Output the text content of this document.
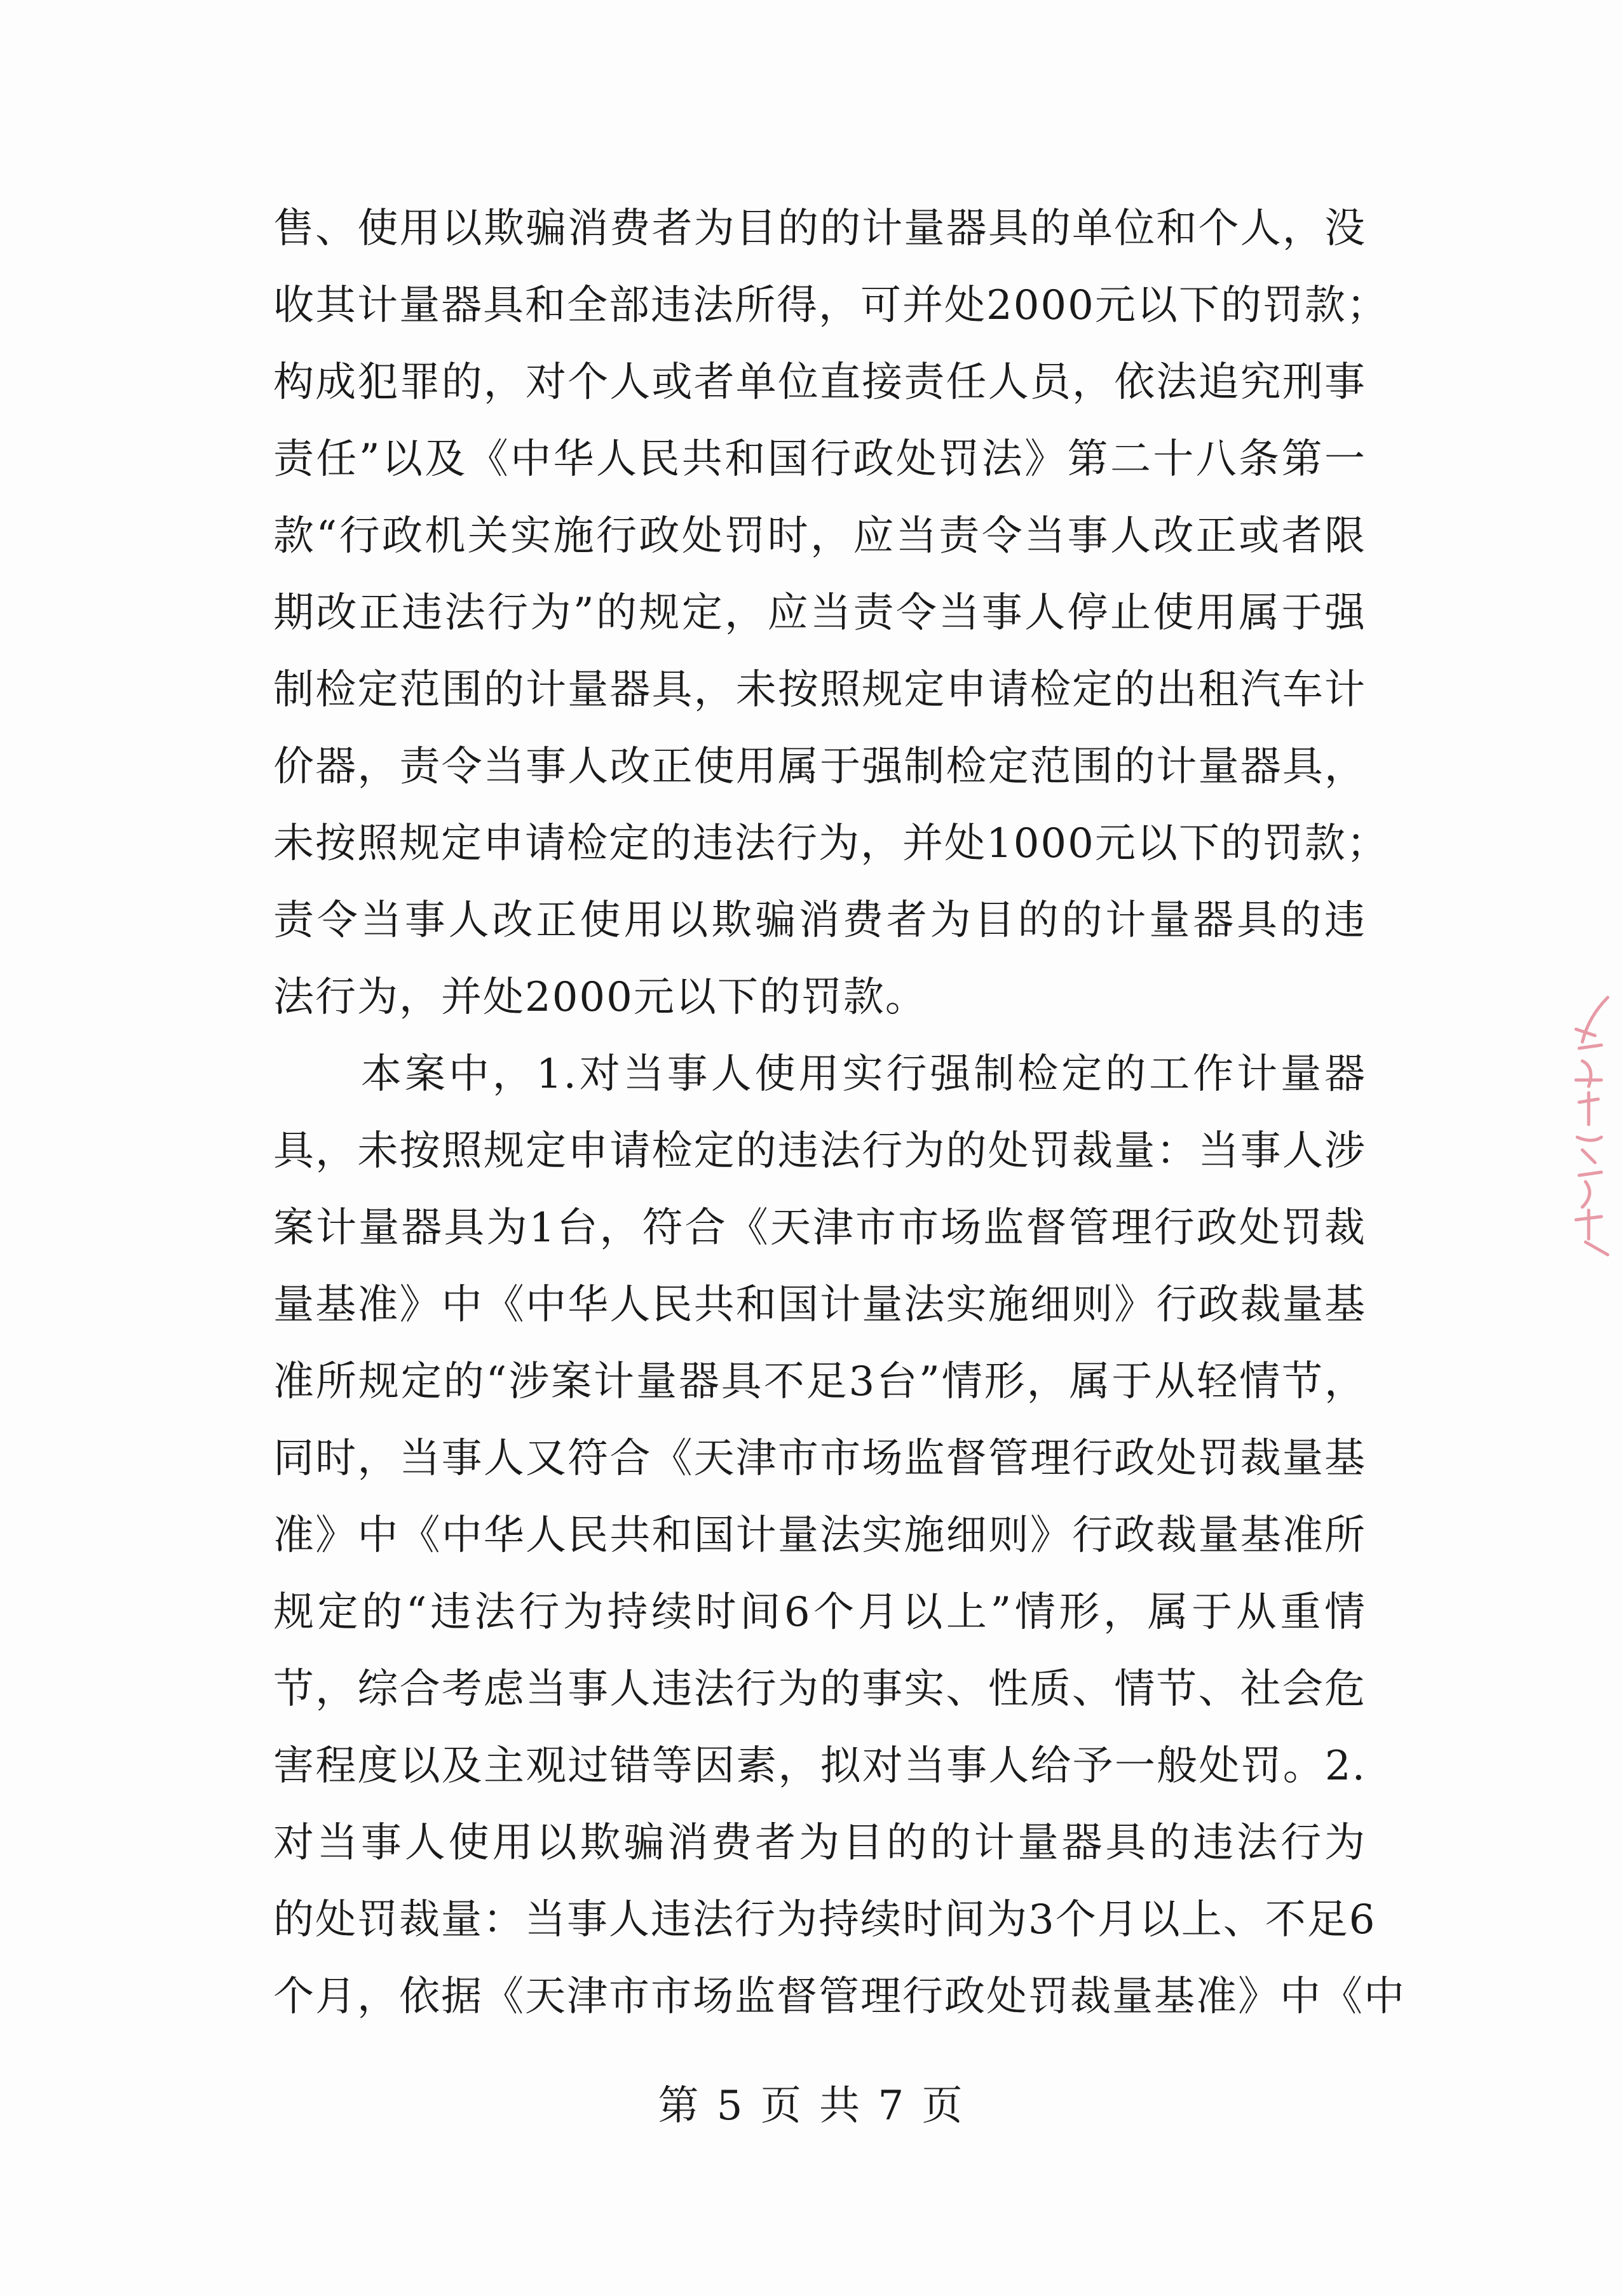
售、使用以欺骗消费者为目的的计量器具的单位和个人，没
收其计量器具和全部违法所得，可并处2000元以下的罚款；
构成犯罪的，对个人或者单位直接责任人员，依法追究刑事
责任”以及《中华人民共和国行政处罚法》第二十八条第一
款“行政机关实施行政处罚时，应当责令当事人改正或者限
期改正违法行为”的规定，应当责令当事人停止使用属于强
制检定范围的计量器具，未按照规定申请检定的出租汽车计
价器，责令当事人改正使用属于强制检定范围的计量器具，
未按照规定申请检定的违法行为，并处1000元以下的罚款；
责令当事人改正使用以欺骗消费者为目的的计量器具的违
法行为，并处2000元以下的罚款。
　　本案中，1.对当事人使用实行强制检定的工作计量器
具，未按照规定申请检定的违法行为的处罚裁量：当事人涉
案计量器具为1台，符合《天津市市场监督管理行政处罚裁
量基准》中《中华人民共和国计量法实施细则》行政裁量基
准所规定的“涉案计量器具不足3台”情形，属于从轻情节，
同时，当事人又符合《天津市市场监督管理行政处罚裁量基
准》中《中华人民共和国计量法实施细则》行政裁量基准所
规定的“违法行为持续时间6个月以上”情形，属于从重情
节，综合考虑当事人违法行为的事实、性质、情节、社会危
害程度以及主观过错等因素，拟对当事人给予一般处罚。2.
对当事人使用以欺骗消费者为目的的计量器具的违法行为
的处罚裁量：当事人违法行为持续时间为3个月以上、不足6
个月，依据《天津市市场监督管理行政处罚裁量基准》中《中
第 5 页 共 7 页
